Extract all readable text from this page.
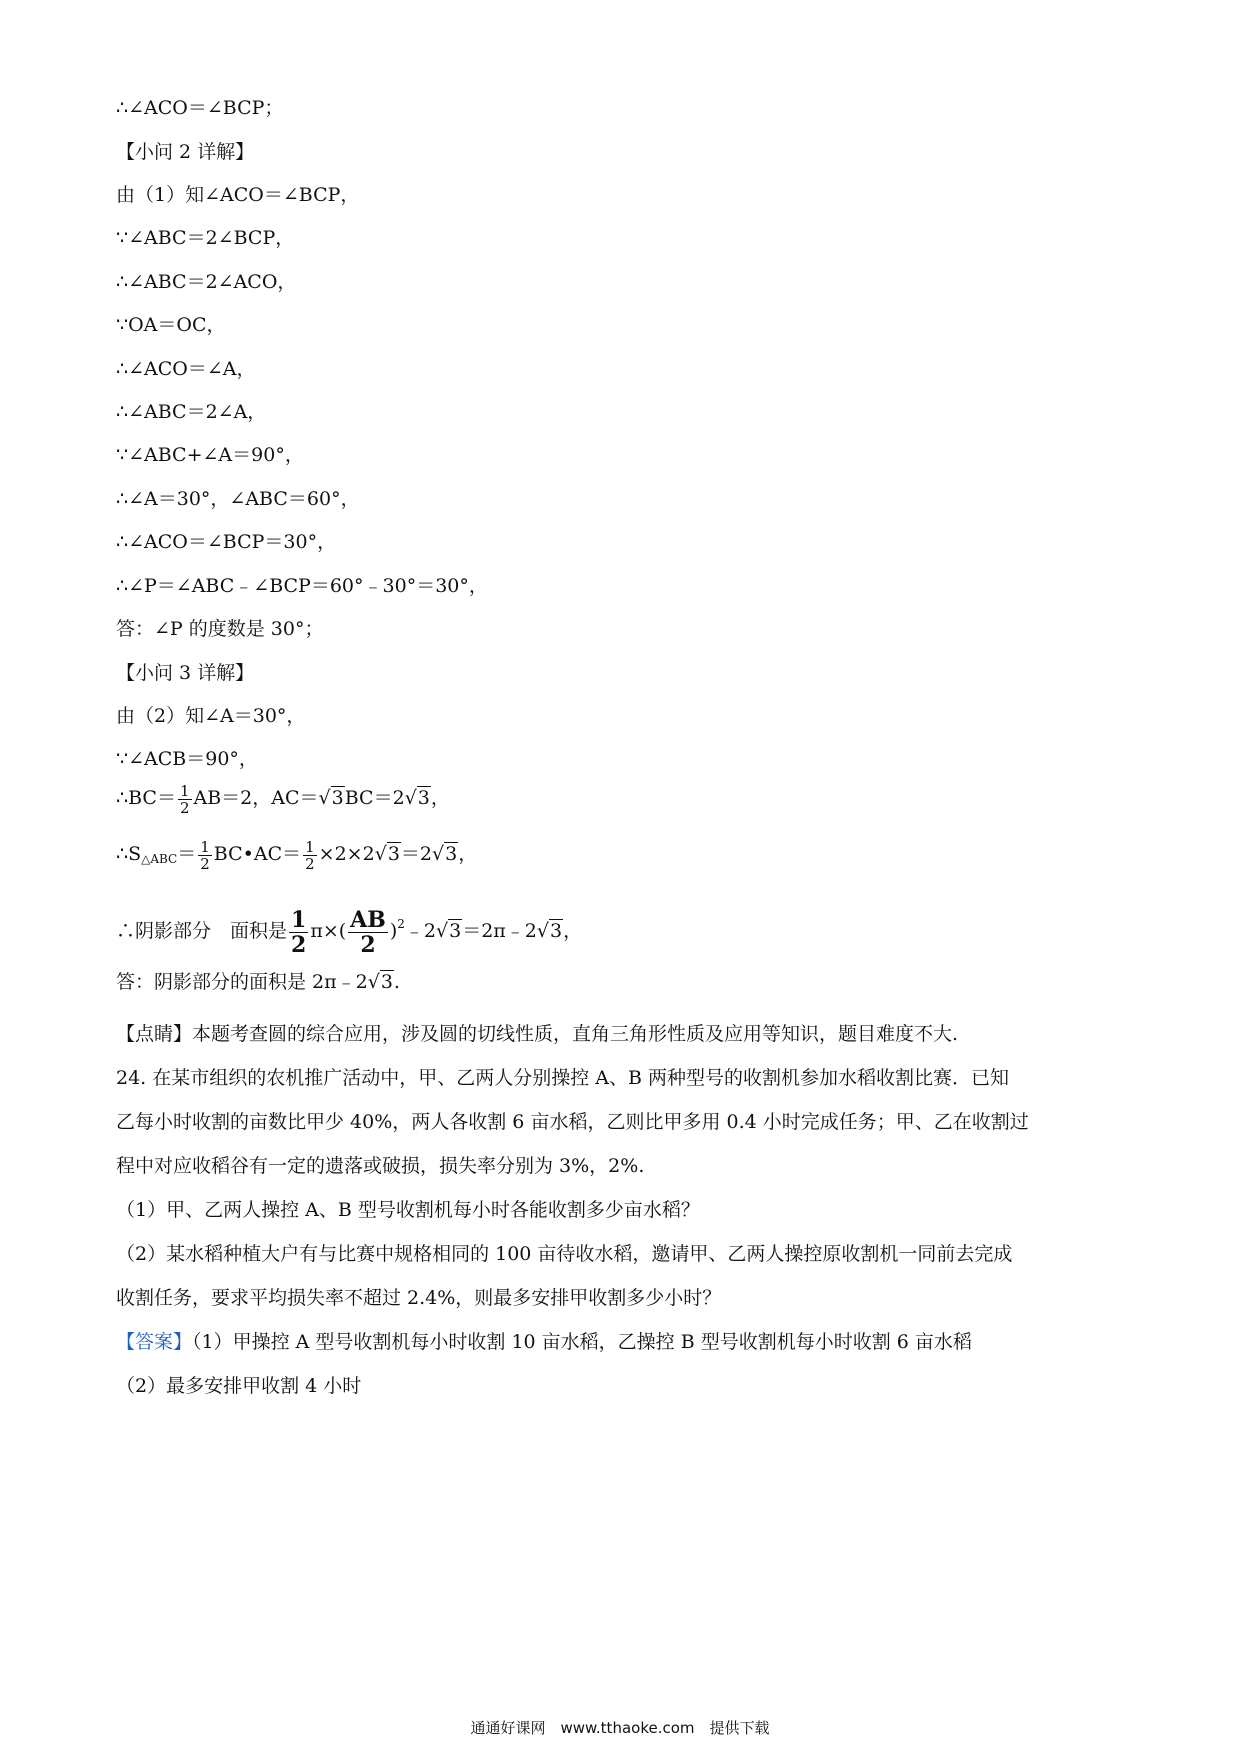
∴∠ACO＝∠BCP；
【小问 2 详解】
由（1）知∠ACO＝∠BCP，
∵∠ABC＝2∠BCP，
∴∠ABC＝2∠ACO，
∵OA＝OC，
∴∠ACO＝∠A，
∴∠ABC＝2∠A，
∵∠ABC+∠A＝90°，
∴∠A＝30°，∠ABC＝60°，
∴∠ACO＝∠BCP＝30°，
∴∠P＝∠ABC﹣∠BCP＝60°﹣30°＝30°，
答：∠P 的度数是 30°；
【小问 3 详解】
由（2）知∠A＝30°，
∵∠ACB＝90°，
∴BC＝ $\frac{1}{2} AB=2$，AC＝√3BC＝2√3，
$\therefore S_{\triangle ABC}= \frac{1}{2}$ BC•AC＝ $\frac{1}{2} \times 2\times 2√3=2√3$，
∴阴影部分　面积是 $\frac{1}{2} \pi\times( \frac{AB}{2}$ )$^2﹣2√3=2\pi﹣2√3$，
答：阴影部分的面积是 2π﹣2√3.
【点睛】本题考查圆的综合应用，涉及圆的切线性质，直角三角形性质及应用等知识，题目难度不大.
24. 在某市组织的农机推广活动中，甲、乙两人分别操控 A、B 两种型号的收割机参加水稻收割比赛．已知
乙每小时收割的亩数比甲少 40%，两人各收割 6 亩水稻，乙则比甲多用 0.4 小时完成任务；甲、乙在收割过
程中对应收稻谷有一定的遗落或破损，损失率分别为 3%，2%.
（1）甲、乙两人操控 A、B 型号收割机每小时各能收割多少亩水稻？
（2）某水稻种植大户有与比赛中规格相同的 100 亩待收水稻，邀请甲、乙两人操控原收割机一同前去完成
收割任务，要求平均损失率不超过 2.4%，则最多安排甲收割多少小时？
【答案】（1）甲操控 A 型号收割机每小时收割 10 亩水稻，乙操控 B 型号收割机每小时收割 6 亩水稻
（2）最多安排甲收割 4 小时
通通好课网　www.tthaoke.com　提供下载
